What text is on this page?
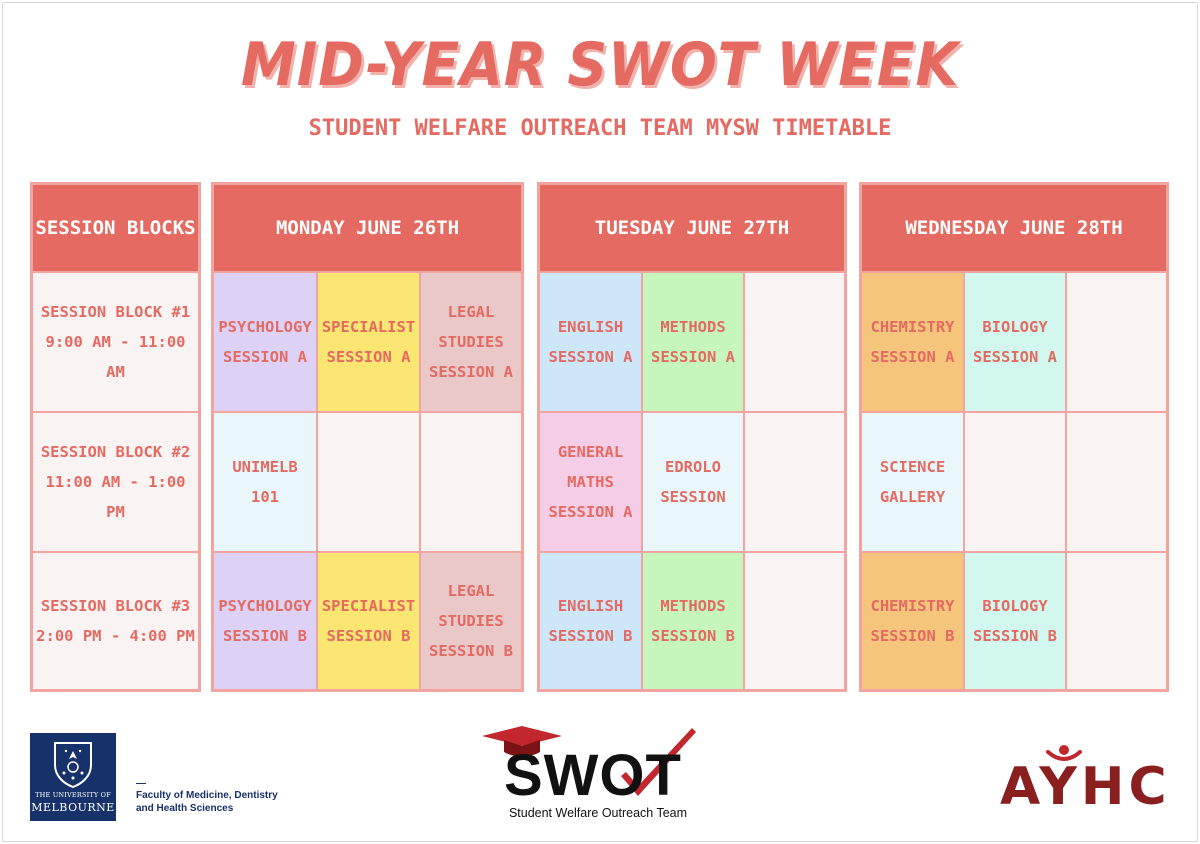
MID-YEAR SWOT WEEK
STUDENT WELFARE OUTREACH TEAM MYSW TIMETABLE
SESSION BLOCKS
SESSION BLOCK #1
9:00 AM - 11:00 AM
SESSION BLOCK #2
11:00 AM - 1:00 PM
SESSION BLOCK #3
2:00 PM - 4:00 PM
MONDAY JUNE 26TH
PSYCHOLOGY
SESSION A
SPECIALIST
SESSION A
LEGAL
STUDIES
SESSION A
UNIMELB
101
PSYCHOLOGY
SESSION B
SPECIALIST
SESSION B
LEGAL
STUDIES
SESSION B
TUESDAY JUNE 27TH
ENGLISH
SESSION A
METHODS
SESSION A
GENERAL
MATHS
SESSION A
EDROLO
SESSION
ENGLISH
SESSION B
METHODS
SESSION B
WEDNESDAY JUNE 28TH
CHEMISTRY
SESSION A
BIOLOGY
SESSION A
SCIENCE
GALLERY
CHEMISTRY
SESSION B
BIOLOGY
SESSION B
THE UNIVERSITY OF
MELBOURNE
Faculty of Medicine, Dentistry
and Health Sciences
SWOT
Student Welfare Outreach Team	AYHC
